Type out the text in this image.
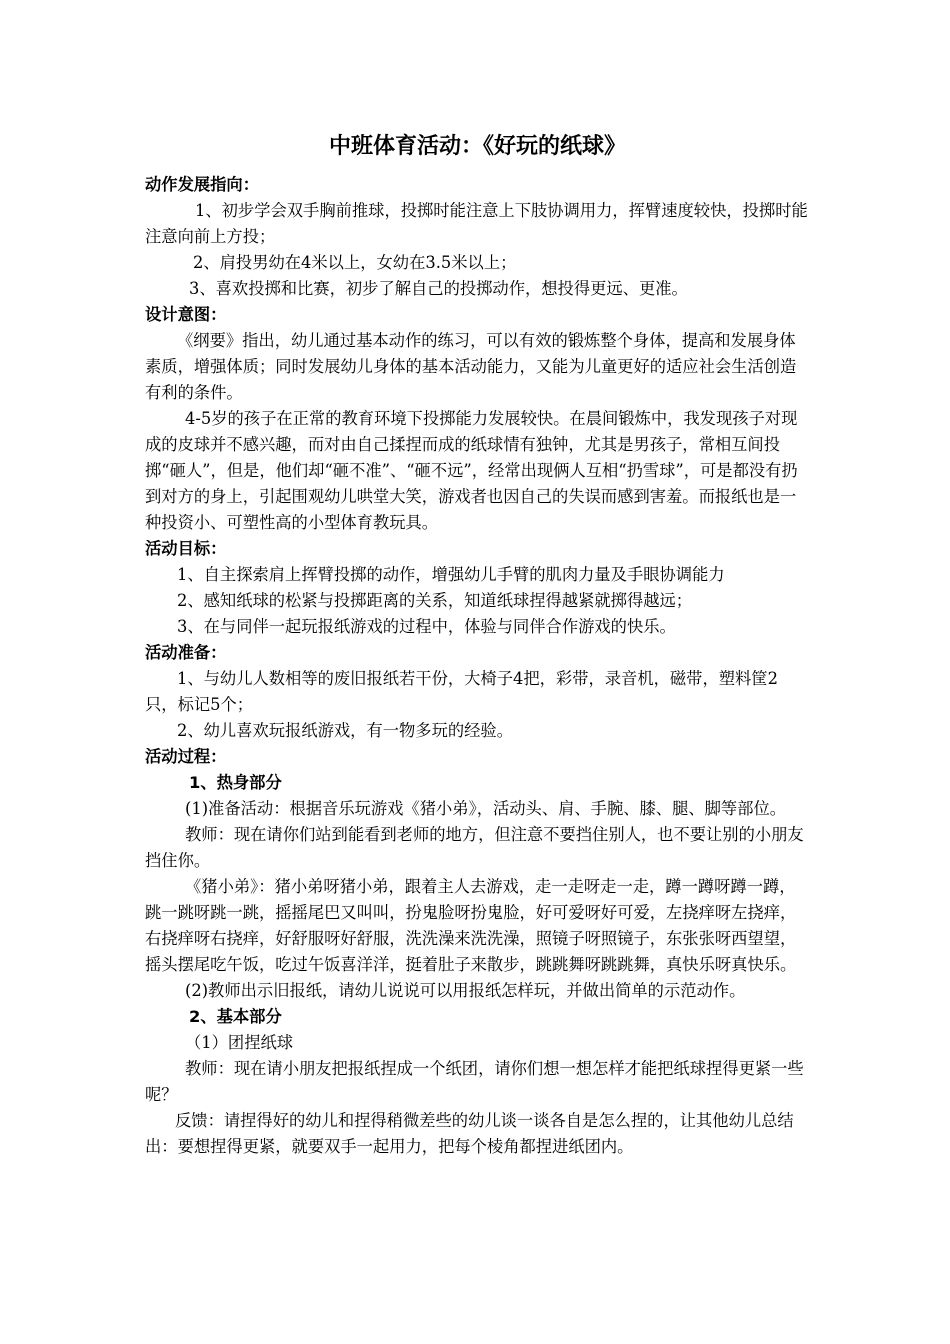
中班体育活动：《好玩的纸球》

动作发展指向：

1、初步学会双手胸前推球，投掷时能注意上下肢协调用力，挥臂速度较快，投掷时能注意向前上方投；

2、肩投男幼在4米以上，女幼在3.5米以上；

3、喜欢投掷和比赛，初步了解自己的投掷动作，想投得更远、更准。

设计意图：

《纲要》指出，幼儿通过基本动作的练习，可以有效的锻炼整个身体，提高和发展身体素质，增强体质；同时发展幼儿身体的基本活动能力，又能为儿童更好的适应社会生活创造有利的条件。

4-5岁的孩子在正常的教育环境下投掷能力发展较快。在晨间锻炼中，我发现孩子对现成的皮球并不感兴趣，而对由自己揉捏而成的纸球情有独钟，尤其是男孩子，常相互间投掷“砸人”，但是，他们却“砸不准”、“砸不远”，经常出现俩人互相“扔雪球”，可是都没有扔到对方的身上，引起围观幼儿哄堂大笑，游戏者也因自己的失误而感到害羞。而报纸也是一种投资小、可塑性高的小型体育教玩具。

活动目标：

1、自主探索肩上挥臂投掷的动作，增强幼儿手臂的肌肉力量及手眼协调能力

2、感知纸球的松紧与投掷距离的关系，知道纸球捏得越紧就掷得越远；

3、在与同伴一起玩报纸游戏的过程中，体验与同伴合作游戏的快乐。

活动准备：

1、与幼儿人数相等的废旧报纸若干份，大椅子4把，彩带，录音机，磁带，塑料筐2只，标记5个；

2、幼儿喜欢玩报纸游戏，有一物多玩的经验。

活动过程：

1、热身部分

(1)准备活动：根据音乐玩游戏《猪小弟》，活动头、肩、手腕、膝、腿、脚等部位。

教师：现在请你们站到能看到老师的地方，但注意不要挡住别人，也不要让别的小朋友挡住你。

《猪小弟》：猪小弟呀猪小弟，跟着主人去游戏，走一走呀走一走，蹲一蹲呀蹲一蹲，跳一跳呀跳一跳，摇摇尾巴又叫叫，扮鬼脸呀扮鬼脸，好可爱呀好可爱，左挠痒呀左挠痒，右挠痒呀右挠痒，好舒服呀好舒服，洗洗澡来洗洗澡，照镜子呀照镜子，东张张呀西望望，摇头摆尾吃午饭，吃过午饭喜洋洋，挺着肚子来散步，跳跳舞呀跳跳舞，真快乐呀真快乐。

(2)教师出示旧报纸，请幼儿说说可以用报纸怎样玩，并做出简单的示范动作。

2、基本部分

（1）团捏纸球

教师：现在请小朋友把报纸捏成一个纸团，请你们想一想怎样才能把纸球捏得更紧一些呢？

反馈：请捏得好的幼儿和捏得稍微差些的幼儿谈一谈各自是怎么捏的，让其他幼儿总结出：要想捏得更紧，就要双手一起用力，把每个棱角都捏进纸团内。
